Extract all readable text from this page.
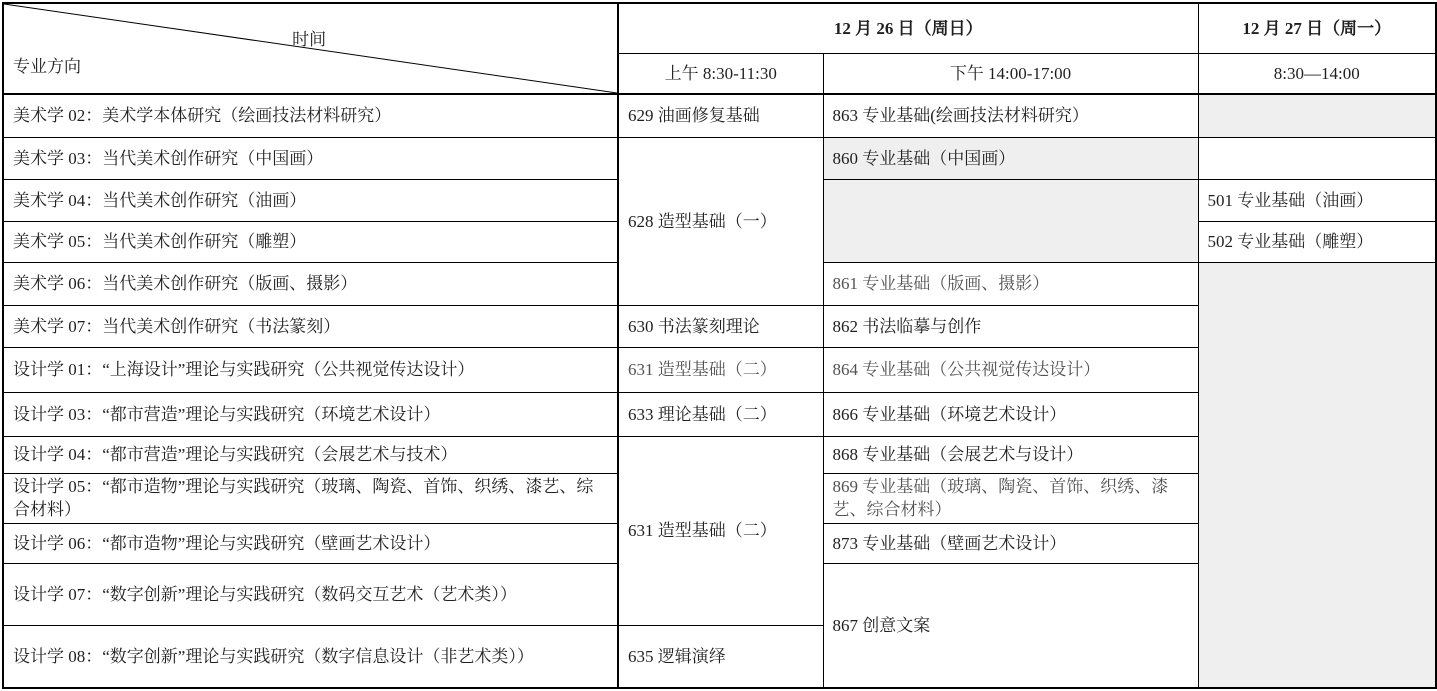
时间
专业方向	12 月 26 日（周日）		12 月 27 日（周一）
	上午 8:30-11:30	下午 14:00-17:00	8:30—14:00
美术学 02：美术学本体研究（绘画技法材料研究）	629 油画修复基础	863 专业基础(绘画技法材料研究）	
美术学 03：当代美术创作研究（中国画）	628 造型基础（一）	860 专业基础（中国画）	
美术学 04：当代美术创作研究（油画）			501 专业基础（油画）
美术学 05：当代美术创作研究（雕塑）			502 专业基础（雕塑）
美术学 06：当代美术创作研究（版画、摄影）		861 专业基础（版画、摄影）	
美术学 07：当代美术创作研究（书法篆刻）	630 书法篆刻理论	862 书法临摹与创作	
设计学 01：“上海设计”理论与实践研究（公共视觉传达设计）	631 造型基础（二）	864 专业基础（公共视觉传达设计）	
设计学 03：“都市营造”理论与实践研究（环境艺术设计）	633 理论基础（二）	866 专业基础（环境艺术设计）	
设计学 04：“都市营造”理论与实践研究（会展艺术与技术）	631 造型基础（二）	868 专业基础（会展艺术与设计）	
设计学 05：“都市造物”理论与实践研究（玻璃、陶瓷、首饰、织绣、漆艺、综合材料）		869 专业基础（玻璃、陶瓷、首饰、织绣、漆艺、综合材料）	
设计学 06：“都市造物”理论与实践研究（壁画艺术设计）		873 专业基础（壁画艺术设计）	
设计学 07：“数字创新”理论与实践研究（数码交互艺术（艺术类））		867 创意文案	
设计学 08：“数字创新”理论与实践研究（数字信息设计（非艺术类））	635 逻辑演绎		
